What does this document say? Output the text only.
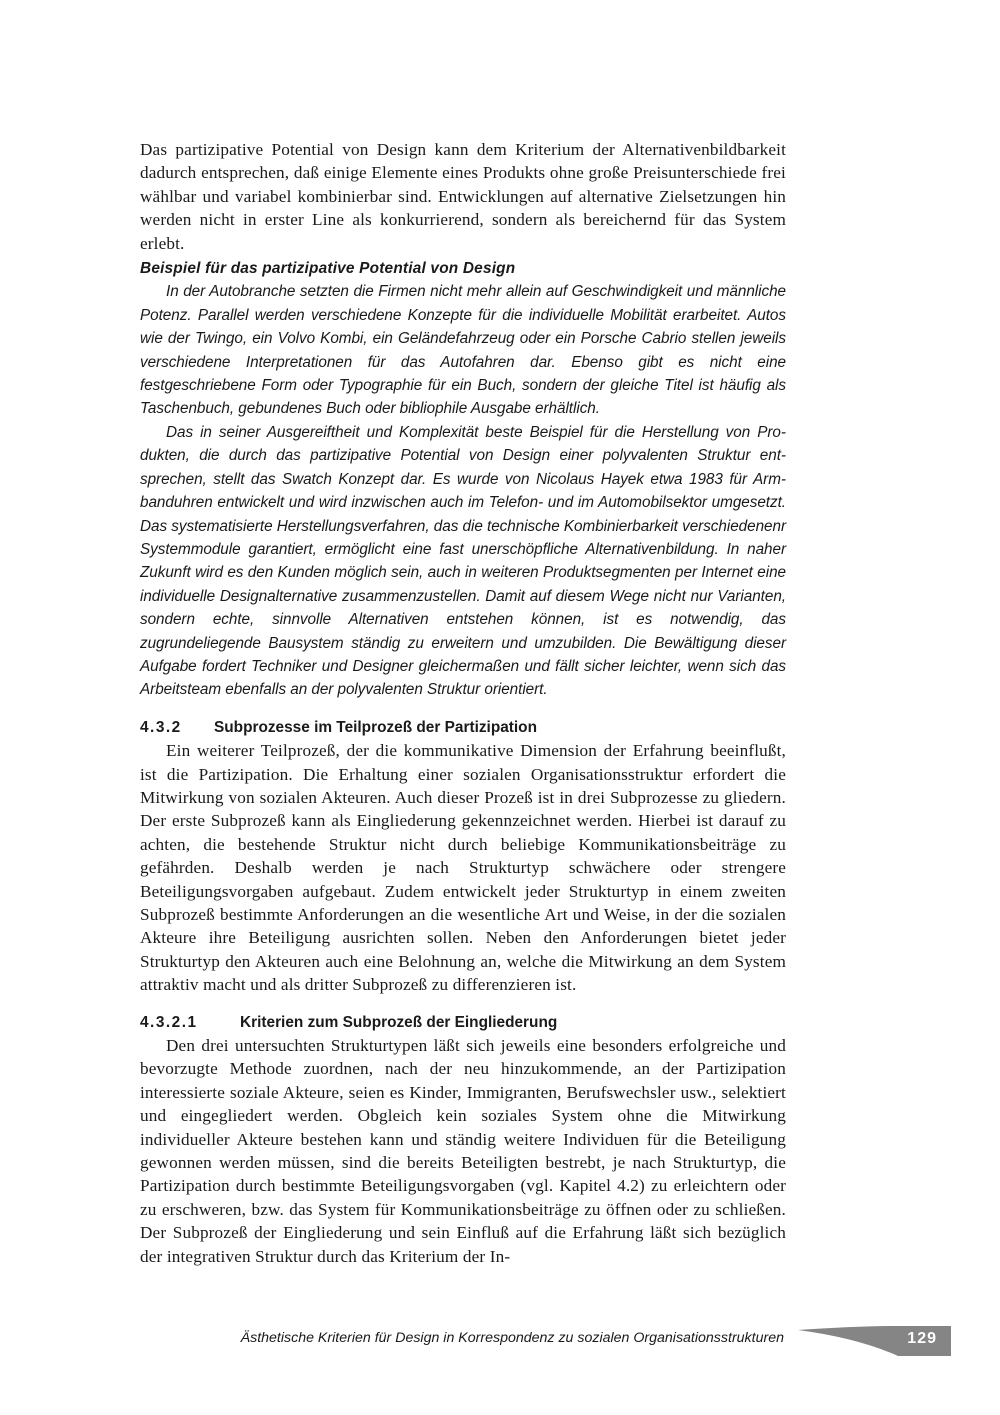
Das partizipative Potential von Design kann dem Kriterium der Alternativenbildbarkeit dadurch entsprechen, daß einige Elemente eines Produkts ohne große Preisunterschiede frei wählbar und variabel kombinierbar sind. Entwicklungen auf alternative Zielsetzungen hin werden nicht in erster Line als konkurrierend, sondern als bereichernd für das System erlebt.

Beispiel für das partizipative Potential von Design

In der Autobranche setzten die Firmen nicht mehr allein auf Geschwindigkeit und männliche Potenz. Parallel werden verschiedene Konzepte für die individuelle Mobilität erarbeitet. Autos wie der Twingo, ein Volvo Kombi, ein Geländefahrzeug oder ein Porsche Cabrio stellen jeweils verschiedene Interpretationen für das Autofahren dar. Ebenso gibt es nicht eine festgeschriebene Form oder Typographie für ein Buch, sondern der gleiche Titel ist häufig als Taschenbuch, gebundenes Buch oder bibliophile Ausgabe erhältlich.

Das in seiner Ausgereiftheit und Komplexität beste Beispiel für die Herstellung von Produkten, die durch das partizipative Potential von Design einer polyvalenten Struktur entsprechen, stellt das Swatch Konzept dar. Es wurde von Nicolaus Hayek etwa 1983 für Armbanduhren entwickelt und wird inzwischen auch im Telefon- und im Automobilsektor umgesetzt. Das systematisierte Herstellungsverfahren, das die technische Kombinierbarkeit verschiedenenr Systemmodule garantiert, ermöglicht eine fast unerschöpfliche Alternativenbildung. In naher Zukunft wird es den Kunden möglich sein, auch in weiteren Produktsegmenten per Internet eine individuelle Designalternative zusammenzustellen. Damit auf diesem Wege nicht nur Varianten, sondern echte, sinnvolle Alternativen entstehen können, ist es notwendig, das zugrundeliegende Bausystem ständig zu erweitern und umzubilden. Die Bewältigung dieser Aufgabe fordert Techniker und Designer gleichermaßen und fällt sicher leichter, wenn sich das Arbeitsteam ebenfalls an der polyvalenten Struktur orientiert.

4.3.2	Subprozesse im Teilprozeß der Partizipation

Ein weiterer Teilprozeß, der die kommunikative Dimension der Erfahrung beeinflußt, ist die Partizipation. Die Erhaltung einer sozialen Organisationsstruktur erfordert die Mitwirkung von sozialen Akteuren. Auch dieser Prozeß ist in drei Subprozesse zu gliedern. Der erste Subprozeß kann als Eingliederung gekennzeichnet werden. Hierbei ist darauf zu achten, die bestehende Struktur nicht durch beliebige Kommunikationsbeiträge zu gefährden. Deshalb werden je nach Strukturtyp schwächere oder strengere Beteiligungsvorgaben aufgebaut. Zudem entwickelt jeder Strukturtyp in einem zweiten Subprozeß bestimmte Anforderungen an die wesentliche Art und Weise, in der die sozialen Akteure ihre Beteiligung ausrichten sollen. Neben den Anforderungen bietet jeder Strukturtyp den Akteuren auch eine Belohnung an, welche die Mitwirkung an dem System attraktiv macht und als dritter Subprozeß zu differenzieren ist.

4.3.2.1	Kriterien zum Subprozeß der Eingliederung

Den drei untersuchten Strukturtypen läßt sich jeweils eine besonders erfolgreiche und bevorzugte Methode zuordnen, nach der neu hinzukommende, an der Partizipation interessierte soziale Akteure, seien es Kinder, Immigranten, Berufswechsler usw., selektiert und eingegliedert werden. Obgleich kein soziales System ohne die Mitwirkung individueller Akteure bestehen kann und ständig weitere Individuen für die Beteiligung gewonnen werden müssen, sind die bereits Beteiligten bestrebt, je nach Strukturtyp, die Partizipation durch bestimmte Beteiligungsvorgaben (vgl. Kapitel 4.2) zu erleichtern oder zu erschweren, bzw. das System für Kommunikationsbeiträge zu öffnen oder zu schließen. Der Subprozeß der Eingliederung und sein Einfluß auf die Erfahrung läßt sich bezüglich der integrativen Struktur durch das Kriterium der In-

Ästhetische Kriterien für Design in Korrespondenz zu sozialen Organisationsstrukturen	129
